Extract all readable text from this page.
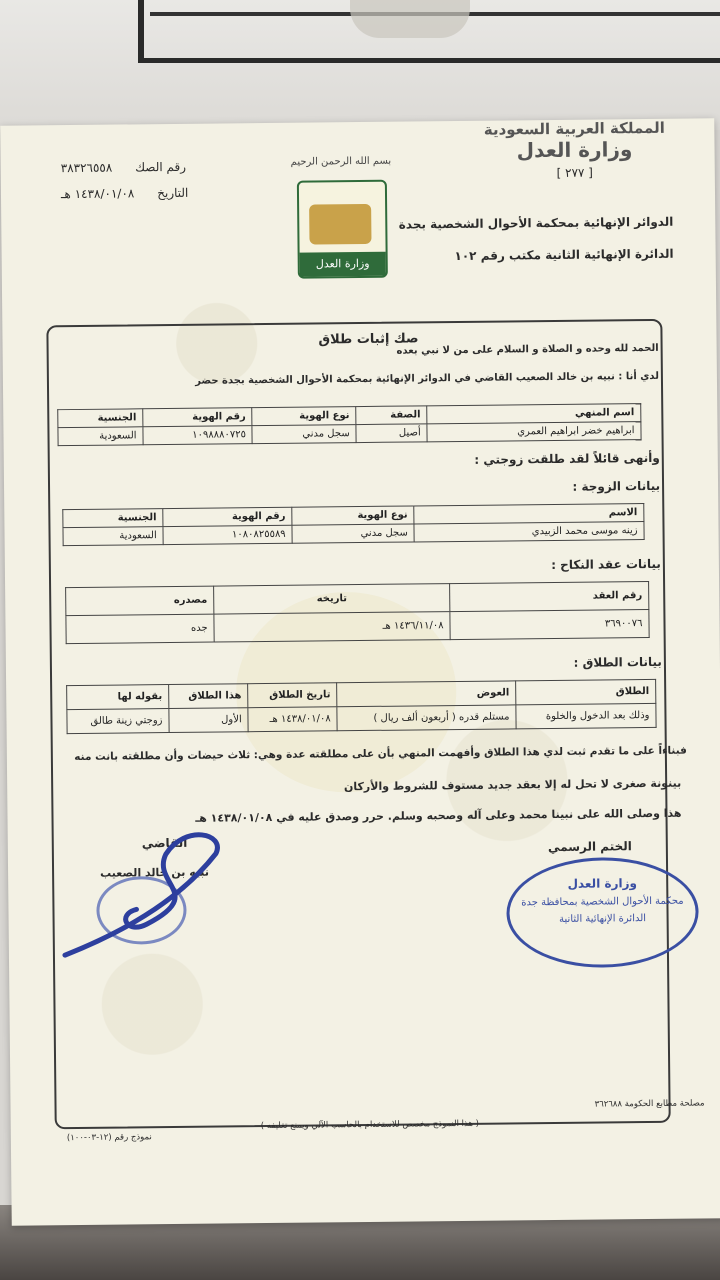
المملكة العربية السعودية
وزارة العدل
[ ٢٧٧ ]
الدوائر الإنهائية بمحكمة الأحوال الشخصية بجدة
الدائرة الإنهائية الثانية مكتب رقم ١٠٢
بسم الله الرحمن الرحيم
وزارة العدل
رقم الصك      ٣٨٣٢٦٥٥٨
التاريخ      ١٤٣٨/٠١/٠٨ هـ
صك إثبات طلاق
الحمد لله وحده و الصلاة و السلام على من لا نبي بعده
لدي أنا : نبيه بن خالد الصعيب القاضي في الدوائر الإنهائية بمحكمة الأحوال الشخصية بجدة حضر
اسم المنهي	الصفة	نوع الهوية	رقم الهوية	الجنسية
ابراهيم خضر ابراهيم العمري	أصيل	سجل مدني	١٠٩٨٨٨٠٧٢٥	السعودية
وأنهى قائلاً لقد طلقت زوجتي :
بيانات الزوجة :
الاسم	نوع الهوية	رقم الهوية	الجنسية
زينه موسى محمد الزبيدي	سجل مدني	١٠٨٠٨٢٥٥٨٩	السعودية
بيانات عقد النكاح :
رقم العقد	تاريخه	مصدره
٣٦٩٠٠٧٦	١٤٣٦/١١/٠٨ هـ	جده
بيانات الطلاق :
الطلاق	العوض	تاريخ الطلاق	هذا الطلاق	بقوله لها
وذلك بعد الدخول والخلوة	مستلم قدره ( أربعون ألف ريال )	١٤٣٨/٠١/٠٨ هـ	الأول	زوجتي زينة طالق
فبناءاً على ما تقدم ثبت لدي هذا الطلاق وأفهمت المنهي بأن على مطلقته عدة وهي: ثلاث حيضات وأن مطلقته بانت منه
بينونة صغرى لا تحل له إلا بعقد جديد مستوف للشروط والأركان
هذا وصلى الله على نبينا محمد وعلى آله وصحبه وسلم. حرر وصدق عليه في ١٤٣٨/٠١/٠٨ هـ
الختم الرسمي
وزارة العدل
محكمة الأحوال الشخصية بمحافظة جدة
الدائرة الإنهائية الثانية
القاضي
نبيه بن خالد الصعيب
مصلحة مطابع الحكومة ٣٦٢٦٨٨
( هذا النموذج مخصص للاستخدام بالحاسب الآلي ويمنع تغليفه )
نموذج رقم (١٢-٠٣-١٠٠)
